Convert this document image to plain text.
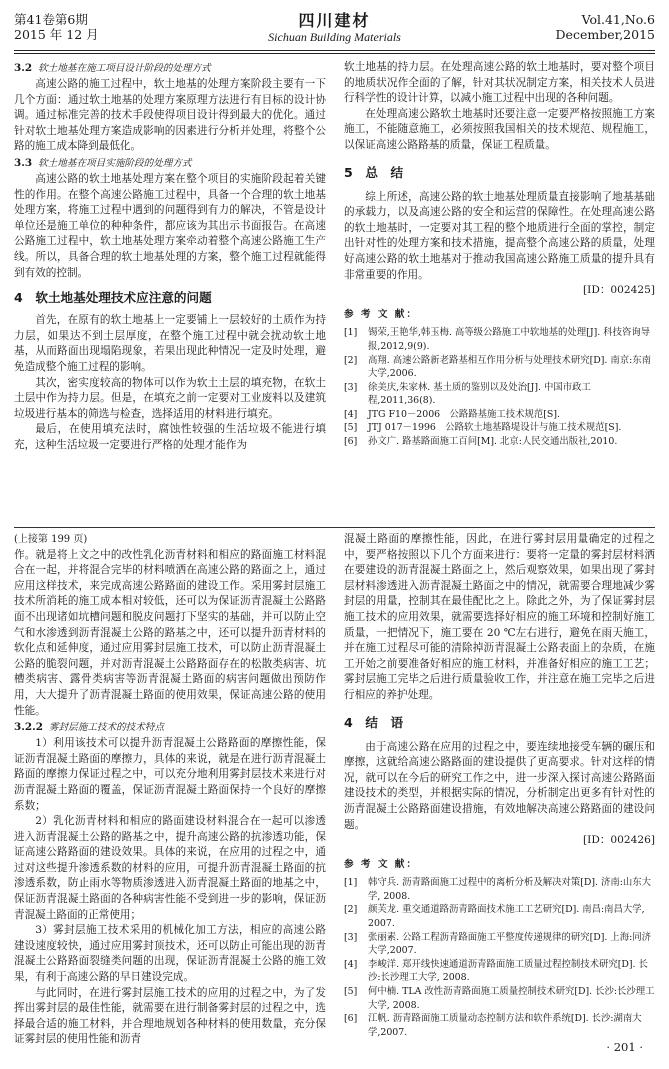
第41卷第6期
2015 年 12 月
四川建材
Sichuan Building Materials
Vol.41,No.6
December,2015
3.2 软土地基在施工项目设计阶段的处理方式

高速公路的施工过程中，软土地基的处理方案阶段主要有一下几个方面：通过软土地基的处理方案原理方法进行有目标的设计协调。通过标准完善的技术手段使得项目设计得到最大的优化。通过针对软土地基处理方案造成影响的因素进行分析并处理，将整个公路的施工成本降到最低化。

3.3 软土地基在项目实施阶段的处理方式

高速公路的软土地基处理方案在整个项目的实施阶段起着关键性的作用。在整个高速公路施工过程中，具备一个合理的软土地基处理方案，将施工过程中遇到的问题得到有力的解决，不管是设计单位还是施工单位的种种条件，都应该为其出示书面报告。在高速公路施工过程中，软土地基处理方案牵动着整个高速公路施工生产线。所以，具备合理的软土地基处理的方案，整个施工过程就能得到有效的控制。

4　软土地基处理技术应注意的问题

首先，在原有的软土地基上一定要铺上一层较好的土质作为持力层，如果达不到土层厚度，在整个施工过程中就会扰动软土地基，从而路面出现塌陷现象，若果出现此种情况一定及时处理，避免造成整个施工过程的影响。

其次，密实度较高的物体可以作为软土土层的填充物，在软土土层中作为持力层。但是，在填充之前一定要对工业废料以及建筑垃圾进行基本的筛选与检查，选择适用的材料进行填充。

最后，在使用填充法时，腐蚀性较强的生活垃圾不能进行填充，这种生活垃圾一定要进行严格的处理才能作为

软土地基的持力层。在处理高速公路的软土地基时，要对整个项目的地质状况作全面的了解，针对其状况制定方案，相关技术人员进行科学性的设计计算，以减小施工过程中出现的各种问题。

在处理高速公路软土地基时还要注意一定要严格按照施工方案施工，不能随意施工，必须按照我国相关的技术规范、规程施工，以保证高速公路路基的质量，保证工程质量。

5　总　结

综上所述，高速公路的软土地基处理质量直接影响了地基基础的承载力，以及高速公路的安全和运营的保障性。在处理高速公路的软土地基时，一定要对其工程的整个地质进行全面的掌控，制定出针对性的处理方案和技术措施，提高整个高速公路的质量，处理好高速公路的软土地基对于推动我国高速公路施工质量的提升具有非常重要的作用。

[ID：002425]
参 考 文 献：
[1]	锡荣,王艳华,韩玉梅. 高等级公路施工中软地基的处理[J]. 科技咨询导报,2012,9(9).
[2]	高翔. 高速公路新老路基相互作用分析与处理技术研究[D]. 南京:东南大学,2006.
[3]	徐美庆,朱家林. 基土质的鉴别以及处治[J]. 中国市政工程,2011,36(8).
[4]	JTG F10－2006　公路路基施工技术规范[S].
[5]	JTJ 017－1996　公路软土地基路堤设计与施工技术规范[S].
[6]	孙文广. 路基路面施工百问[M]. 北京:人民交通出版社,2010.
(上接第 199 页)

作。就是将上文之中的改性乳化沥青材料和相应的路面施工材料混合在一起，并将混合完毕的材料喷洒在高速公路的路面之上，通过应用这样技术，来完成高速公路路面的建设工作。采用雾封层施工技术所消耗的施工成本相对较低，还可以为保证沥青混凝土公路路面不出现诸如坑槽问题和脱皮问题打下坚实的基础，并可以防止空气和水渗透到沥青混凝土公路的路基之中，还可以提升沥青材料的软化点和延伸度，通过应用雾封层施工技术，可以防止沥青混凝土公路的脆裂问题，并对沥青混凝土公路路面存在的松散类病害、坑槽类病害、露骨类病害等沥青混凝土路面的病害问题做出预防作用，大大提升了沥青混凝土路面的使用效果，保证高速公路的使用性能。

3.2.2 雾封层施工技术的技术特点

1）利用该技术可以提升沥青混凝土公路路面的摩擦性能，保证沥青混凝土路面的摩擦力，具体的来说，就是在进行沥青混凝土路面的摩擦力保证过程之中，可以充分地利用雾封层技术来进行对沥青混凝土路面的覆盖，保证沥青混凝土路面保持一个良好的摩擦系数；

2）乳化沥青材料和相应的路面建设材料混合在一起可以渗透进入沥青混凝土公路的路基之中，提升高速公路的抗渗透功能，保证高速公路路面的建设效果。具体的来说，在应用的过程之中，通过对这些提升渗透系数的材料的应用，可提升沥青混凝土路面的抗渗透系数，防止雨水等物质渗透进入沥青混凝土路面的地基之中，保证沥青混凝土路面的各种病害性能不受到进一步的影响，保证沥青混凝土路面的正常使用；

3）雾封层施工技术采用的机械化加工方法，相应的高速公路建设速度较快，通过应用雾封顶技术，还可以防止可能出现的沥青混凝土公路路面裂缝类问题的出现，保证沥青混凝土公路的施工效果，有利于高速公路的早日建设完成。

与此同时，在进行雾封层施工技术的应用的过程之中，为了发挥出雾封层的最佳性能，就需要在进行制备雾封层的过程之中，选择最合适的施工材料，并合理地规划各种材料的使用数量，充分保证雾封层的使用性能和沥青

混凝土路面的摩擦性能，因此，在进行雾封层用量确定的过程之中，要严格按照以下几个方面来进行：要将一定量的雾封层材料洒在要建设的沥青混凝土路面之上，然后观察效果，如果出现了雾封层材料渗透进入沥青混凝土路面之中的情况，就需要合理地减少雾封层的用量，控制其在最佳配比之上。除此之外，为了保证雾封层施工技术的应用效果，就需要选择好相应的施工环境和控制好施工质量，一把情况下，施工要在 20 ℃左右进行，避免在雨天施工，并在施工过程尽可能的清除掉沥青混凝土公路表面上的杂质，在施工开始之前要准备好相应的施工材料，并准备好相应的施工工艺；雾封层施工完毕之后进行质量验收工作，并注意在施工完毕之后进行相应的养护处理。

4　结　语

由于高速公路在应用的过程之中，要连续地接受车辆的碾压和摩擦，这就给高速公路路面的建设提供了更高要求。针对这样的情况，就可以在今后的研究工作之中，进一步深入探讨高速公路路面建设技术的类型，并根据实际的情况，分析制定出更多有针对性的沥青混凝土公路路面建设措施，有效地解决高速公路路面的建设问题。

[ID：002426]
参 考 文 献：
[1]	韩守兵. 沥青路面施工过程中的离析分析及解决对策[D]. 济南:山东大学, 2008.
[2]	颜芙龙. 重交通道路沥青路面技术施工工艺研究[D]. 南昌:南昌大学, 2007.
[3]	张丽素. 公路工程沥青路面施工平整度传递规律的研究[D]. 上海:同济大学,2007.
[4]	李峻洋. 郑开线快速通道沥青路面施工质量过程控制技术研究[D]. 长沙:长沙理工大学, 2008.
[5]	何中楠. TLA 改性沥青路面施工质量控制技术研究[D]. 长沙:长沙理工大学, 2008.
[6]	江帆. 沥青路面施工质量动态控制方法和软件系统[D]. 长沙:湖南大学,2007.
· 201 ·
